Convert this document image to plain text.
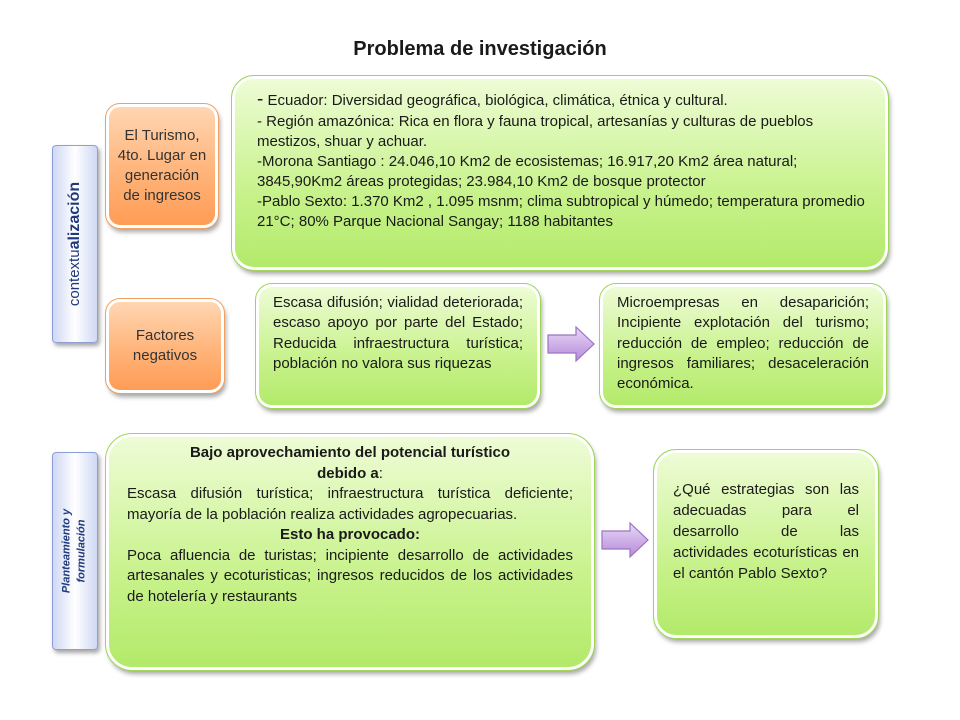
Problema de investigación
contextualización
Planteamiento y formulación
El Turismo, 4to. Lugar en generación de ingresos
Factores negativos
- Ecuador: Diversidad geográfica, biológica, climática, étnica y cultural.
- Región amazónica: Rica en flora y fauna tropical, artesanías y culturas de pueblos mestizos, shuar y achuar.
-Morona Santiago : 24.046,10 Km2 de ecosistemas; 16.917,20 Km2 área natural; 3845,90Km2 áreas protegidas; 23.984,10 Km2 de bosque protector
-Pablo Sexto: 1.370 Km2 , 1.095 msnm; clima subtropical y húmedo; temperatura promedio 21°C; 80% Parque Nacional Sangay; 1188 habitantes
Escasa difusión; vialidad deteriorada; escaso apoyo por parte del Estado; Reducida infraestructura turística; población no valora sus riquezas
Microempresas en desaparición; Incipiente explotación del turismo; reducción de empleo; reducción de ingresos familiares; desaceleración económica.
Bajo aprovechamiento del potencial turístico
debido a:
Escasa difusión turística; infraestructura turística deficiente; mayoría de la población realiza actividades agropecuarias.
Esto ha provocado:
Poca afluencia de turistas; incipiente desarrollo de actividades artesanales y ecoturisticas; ingresos reducidos de los actividades de hotelería y restaurants
¿Qué estrategias son las adecuadas para el desarrollo de las actividades ecoturísticas en el cantón Pablo Sexto?
